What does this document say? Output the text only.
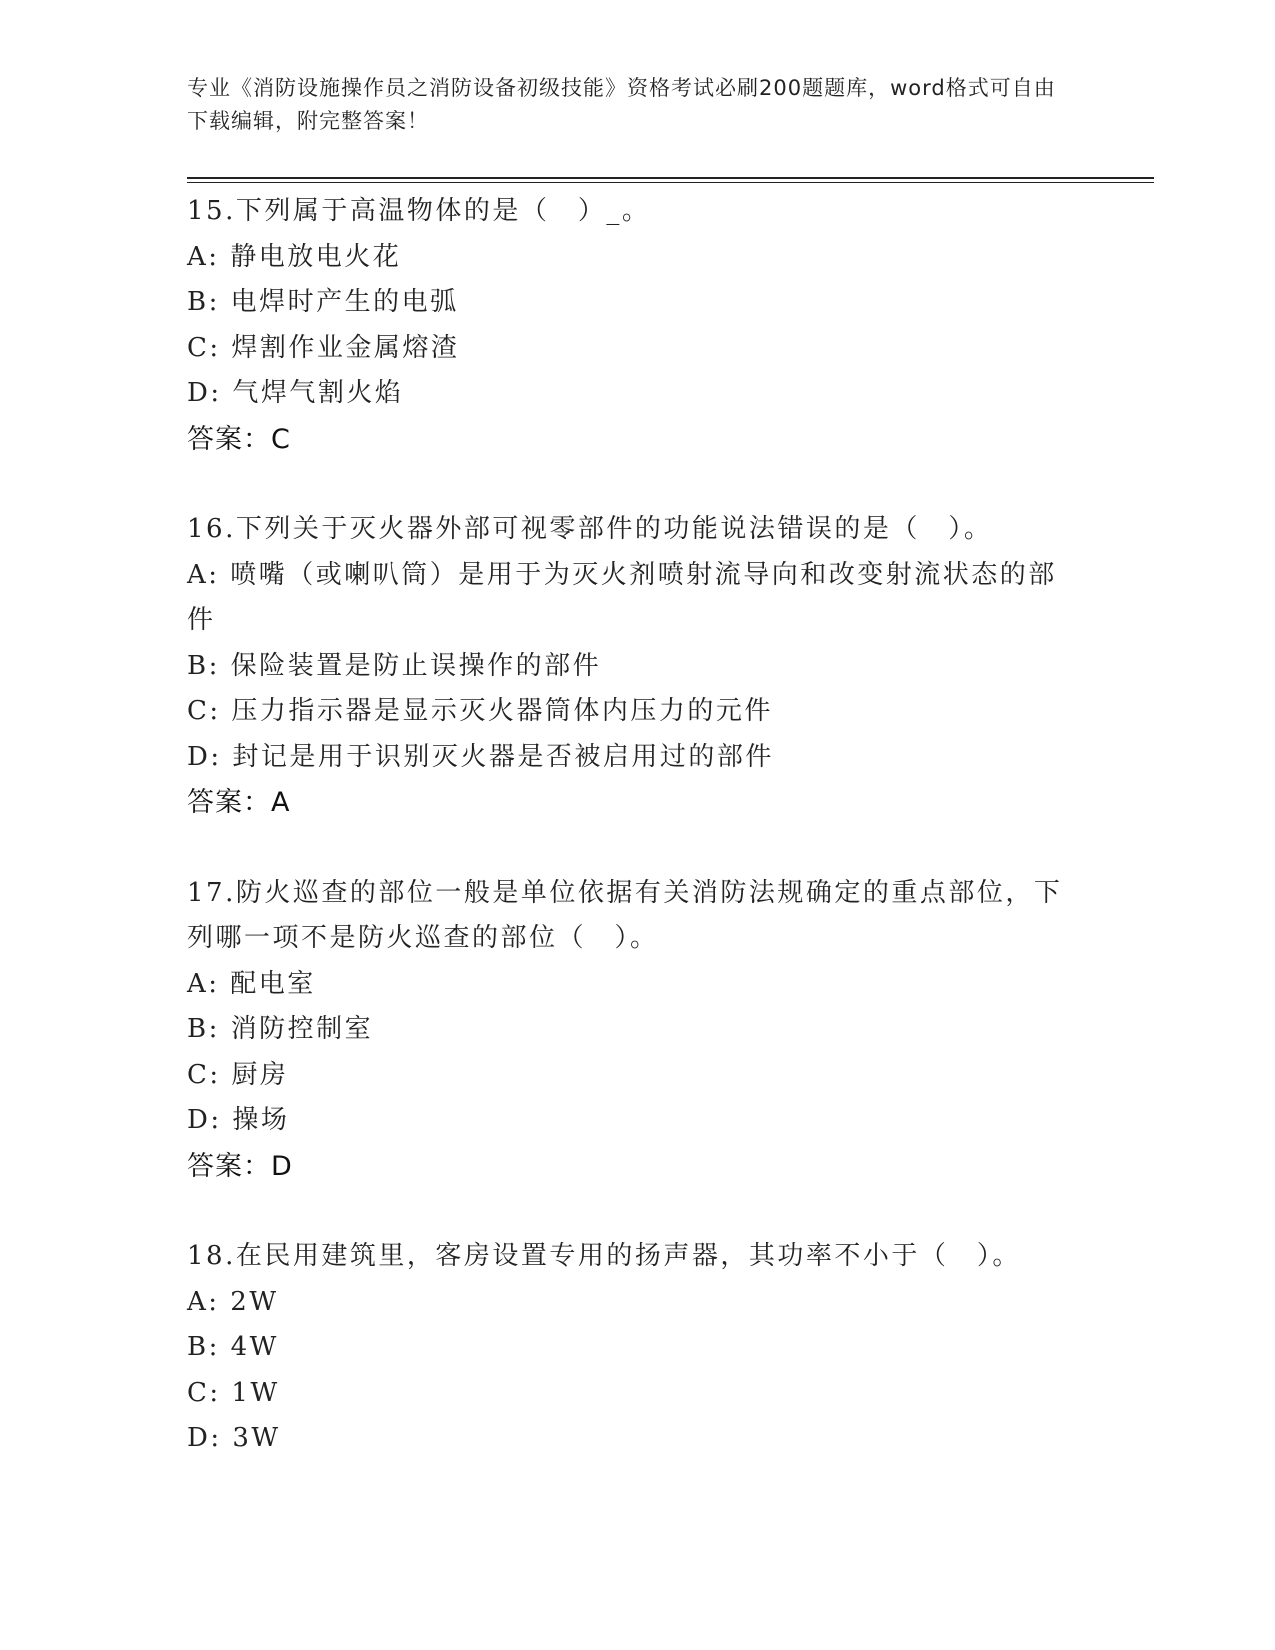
专业《消防设施操作员之消防设备初级技能》资格考试必刷200题题库，word格式可自由下载编辑，附完整答案！

15.下列属于高温物体的是（　）_。

A: 静电放电火花

B: 电焊时产生的电弧

C: 焊割作业金属熔渣

D: 气焊气割火焰

答案：C

16.下列关于灭火器外部可视零部件的功能说法错误的是（　）。

A: 喷嘴（或喇叭筒）是用于为灭火剂喷射流导向和改变射流状态的部件

B: 保险装置是防止误操作的部件

C: 压力指示器是显示灭火器筒体内压力的元件

D: 封记是用于识别灭火器是否被启用过的部件

答案：A

17.防火巡查的部位一般是单位依据有关消防法规确定的重点部位，下列哪一项不是防火巡查的部位（　）。

A: 配电室

B: 消防控制室

C: 厨房

D: 操场

答案：D

18.在民用建筑里，客房设置专用的扬声器，其功率不小于（　）。

A: 2W

B: 4W

C: 1W

D: 3W
